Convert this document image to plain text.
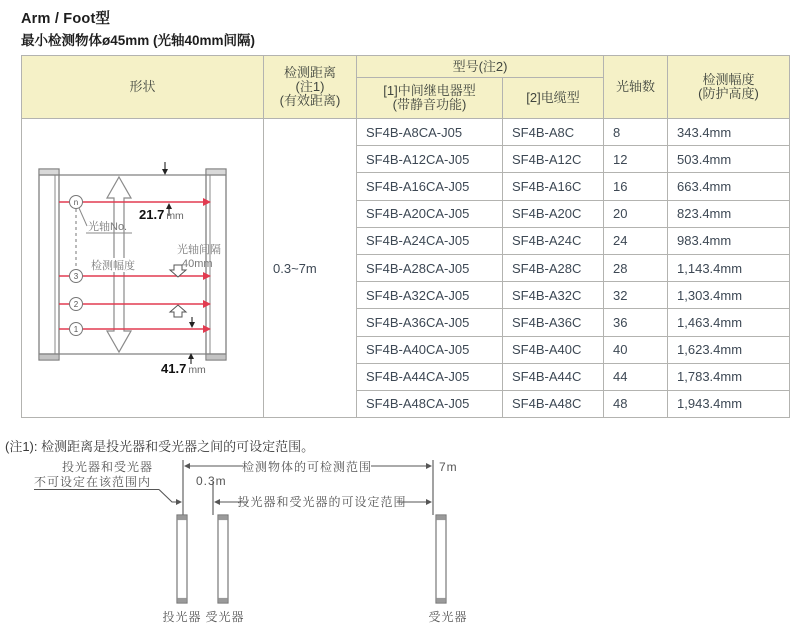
Arm / Foot型
最小检测物体ø45mm (光轴40mm间隔)
形状	检测距离
(注1)
(有效距离)	型号(注2)		光轴数	检测幅度
(防护高度)
		[1]中间继电器型
(带静音功能)	[2]电缆型		

n
3
2
1
光轴No.
21.7 mm
检测幅度
光轴间隔
40mm
41.7 mm
	0.3~7m	SF4B-A8CA-J05	SF4B-A8C	8	343.4mm
		SF4B-A12CA-J05	SF4B-A12C	12	503.4mm
		SF4B-A16CA-J05	SF4B-A16C	16	663.4mm
		SF4B-A20CA-J05	SF4B-A20C	20	823.4mm
		SF4B-A24CA-J05	SF4B-A24C	24	983.4mm
		SF4B-A28CA-J05	SF4B-A28C	28	1,143.4mm
		SF4B-A32CA-J05	SF4B-A32C	32	1,303.4mm
		SF4B-A36CA-J05	SF4B-A36C	36	1,463.4mm
		SF4B-A40CA-J05	SF4B-A40C	40	1,623.4mm
		SF4B-A44CA-J05	SF4B-A44C	44	1,783.4mm
		SF4B-A48CA-J05	SF4B-A48C	48	1,943.4mm
(注1): 检测距离是投光器和受光器之间的可设定范围。
投光器和受光器
不可设定在该范围内
检测物体的可检测范围	7m
0.3m
投光器和受光器的可设定范围
投光器 受光器	受光器
